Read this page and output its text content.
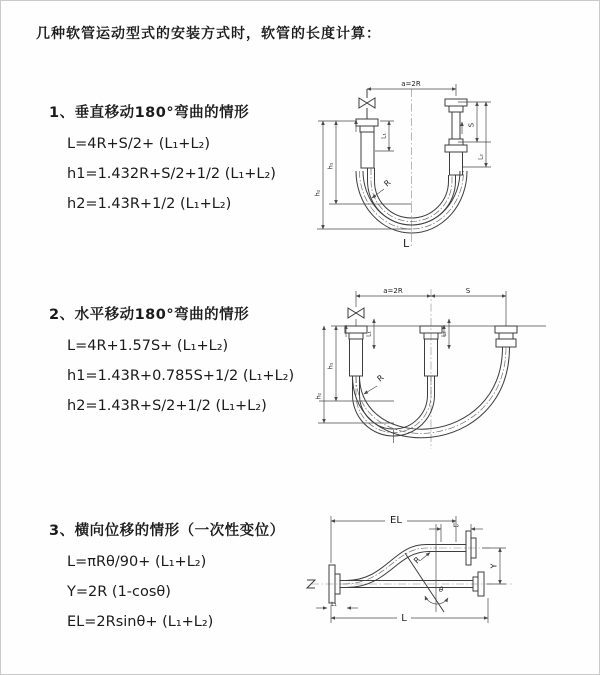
几种软管运动型式的安装方式时，软管的长度计算：
1、垂直移动180°弯曲的情形
L=4R+S/2+ (L₁+L₂)
h1=1.432R+S/2+1/2 (L₁+L₂)
h2=1.43R+1/2 (L₁+L₂)
2、水平移动180°弯曲的情形
L=4R+1.57S+ (L₁+L₂)
h1=1.43R+0.785S+1/2 (L₁+L₂)
h2=1.43R+S/2+1/2 (L₁+L₂)
3、横向位移的情形（一次性变位）
L=πRθ/90+ (L₁+L₂)
Y=2R (1-cosθ)
EL=2Rsinθ+ (L₁+L₂)
a=2R
S
L₂
L₁
h₁
h₂
R
L
a=2R	S
h₁
h₂
L₁	L₂
R
EL	L₂
Y
L
L₁
θ
R
